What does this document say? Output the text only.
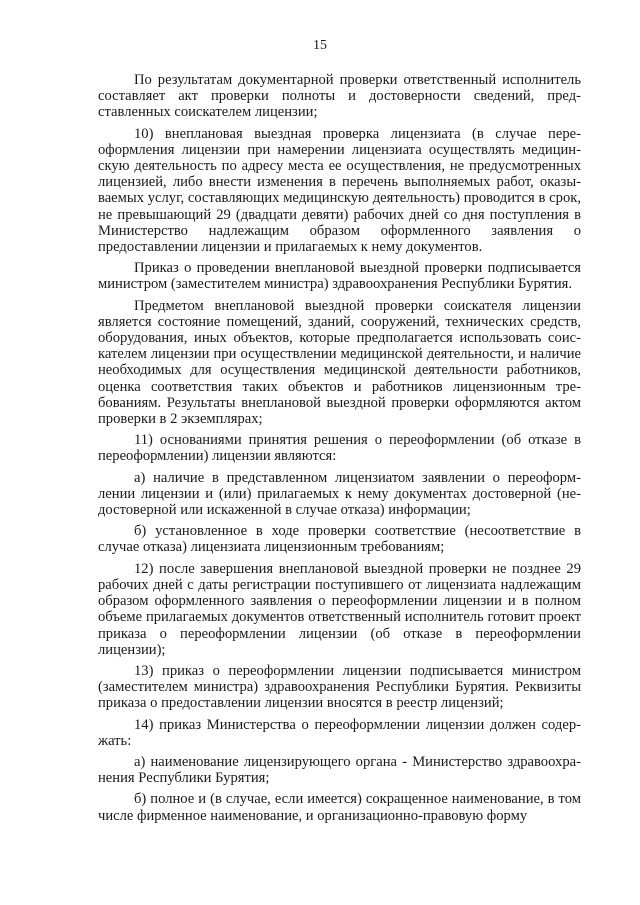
15

По результатам документарной проверки ответственный исполнитель составляет акт проверки полноты и достоверности сведений, представленных соискателем лицензии;

10) внеплановая выездная проверка лицензиата (в случае переоформления лицензии при намерении лицензиата осуществлять медицинскую деятельность по адресу места ее осуществления, не предусмотренных лицензией, либо внести изменения в перечень выполняемых работ, оказываемых услуг, составляющих медицинскую деятельность) проводится в срок, не превышающий 29 (двадцати девяти) рабочих дней со дня поступления в Министерство надлежащим образом оформленного заявления о предоставлении лицензии и прилагаемых к нему документов.

Приказ о проведении внеплановой выездной проверки подписывается министром (заместителем министра) здравоохранения Республики Бурятия.

Предметом внеплановой выездной проверки соискателя лицензии является состояние помещений, зданий, сооружений, технических средств, оборудования, иных объектов, которые предполагается использовать соискателем лицензии при осуществлении медицинской деятельности, и наличие необходимых для осуществления медицинской деятельности работников, оценка соответствия таких объектов и работников лицензионным требованиям. Результаты внеплановой выездной проверки оформляются актом проверки в 2 экземплярах;

11) основаниями принятия решения о переоформлении (об отказе в переоформлении) лицензии являются:

а) наличие в представленном лицензиатом заявлении о переоформлении лицензии и (или) прилагаемых к нему документах достоверной (недостоверной или искаженной в случае отказа) информации;

б) установленное в ходе проверки соответствие (несоответствие в случае отказа) лицензиата лицензионным требованиям;

12) после завершения внеплановой выездной проверки не позднее 29 рабочих дней с даты регистрации поступившего от лицензиата надлежащим образом оформленного заявления о переоформлении лицензии и в полном объеме прилагаемых документов ответственный исполнитель готовит проект приказа о переоформлении лицензии (об отказе в переоформлении лицензии);

13) приказ о переоформлении лицензии подписывается министром (заместителем министра) здравоохранения Республики Бурятия. Реквизиты приказа о предоставлении лицензии вносятся в реестр лицензий;

14) приказ Министерства о переоформлении лицензии должен содержать:

а) наименование лицензирующего органа - Министерство здравоохранения Республики Бурятия;

б) полное и (в случае, если имеется) сокращенное наименование, в том числе фирменное наименование, и организационно-правовую форму
